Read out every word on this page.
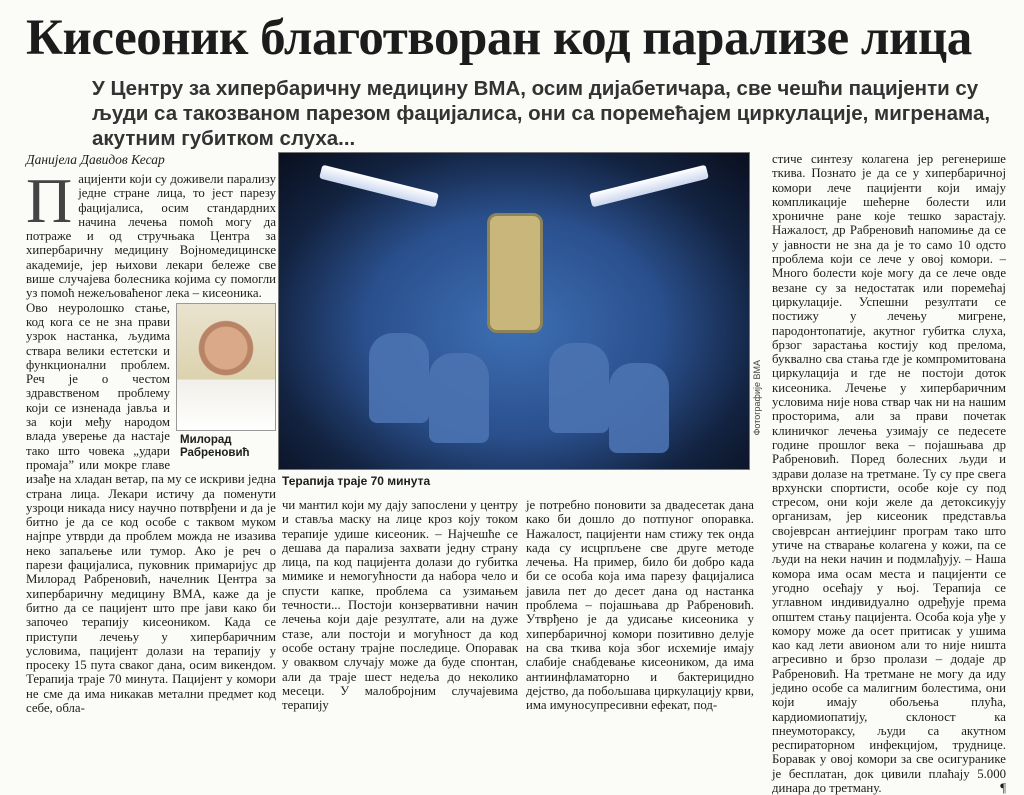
Кисеоник благотворан код парализе лица
У Центру за хипербаричну медицину ВМА, осим дијабетичара, све чешћи пацијенти су људи са такозваном парезом фацијалиса, они са поремећајем циркулације, мигренама, акутним губитком слуха...
Данијела Давидов Кесар
П ацијенти који су доживели парализу једне стране лица, то јест парезу фацијалиса, осим стандардних начина лечења помоћ могу да потраже и од стручњака Центра за хипербаричну медицину Војномедицинске академије, јер њихови лекари бележе све више случајева болесника којима су помогли уз помоћ нежељоваћеног лека – кисеоника.

Милорад Рабреновић

Ово неуролошко стање, код кога се не зна прави узрок настанка, људима ствара велики естетски и функционални проблем. Реч је о честом здравственом проблему који се изненада јавља и за који међу народом влада уверење да настаје тако што човека „удари промаја” или мокре главе изађе на хладан ветар, па му се искриви једна страна лица. Лекари истичу да поменути узроци никада нису научно потврђени и да је битно је да се код особе с таквом муком најпре утврди да проблем можда не изазива неко запаљење или тумор. Ако је реч о парези фацијалиса, пуковник примаријус др Милорад Рабреновић, начелник Центра за хипербаричну медицину ВМА, каже да је битно да се пацијент што пре јави како би започео терапију кисеоником. Када се приступи лечењу у хипербаричним условима, пацијент долази на терапију у просеку 15 пута сваког дана, осим викендом. Терапија траје 70 минута. Пацијент у комори не сме да има никакав метални предмет код себе, обла-

Фотографије ВМА
Терапија траје 70 минута

чи мантил који му дају запослени у центру и ставља маску на лице кроз коју током терапије удише кисеоник. – Најчешће се дешава да парализа захвати једну страну лица, па код пацијента долази до губитка мимике и немогућности да набора чело и спусти капке, проблема са узимањем течности... Постоји конзервативни начин лечења који даје резултате, али на дуже стазе, али постоји и могућност да код особе остану трајне последице. Опоравак у оваквом случају може да буде спонтан, али да траје шест недеља до неколико месеци. У малобројним случајевима терапију

је потребно поновити за двадесетак дана како би дошло до потпуног опоравка. Нажалост, пацијенти нам стижу тек онда када су исцрпљене све друге методе лечења. На пример, било би добро када би се особа која има парезу фацијалиса јавила пет до десет дана од настанка проблема – појашњава др Рабреновић. Утврђено је да удисање кисеоника у хипербаричној комори позитивно делује на сва ткива која због исхемије имају слабије снабдевање кисеоником, да има антиинфламаторно и бактерицидно дејство, да побољшава циркулацију крви, има имуносупресивни ефекат, под-

стиче синтезу колагена јер регенерише ткива. Познато је да се у хипербаричној комори лече пацијенти који имају компликације шећерне болести или хроничне ране које тешко зарастају. Нажалост, др Рабреновић напомиње да се у јавности не зна да је то само 10 одсто проблема који се лече у овој комори. – Много болести које могу да се лече овде везане су за недостатак или поремећај циркулације. Успешни резултати се постижу у лечењу мигрене, пародонтопатије, акутног губитка слуха, брзог зарастања костију код прелома, буквално сва стања где је компромитована циркулација и где не постоји доток кисеоника. Лечење у хипербаричним условима није нова ствар чак ни на нашим просторима, али за прави почетак клиничког лечења узимају се педесете године прошлог века – појашњава др Рабреновић. Поред болесних људи и здрави долазе на третмане. Ту су пре свега врхунски спортисти, особе које су под стресом, они који желе да детоксикују организам, јер кисеоник представља својеврсан антиејџинг програм тако што утиче на стварање колагена у кожи, па се људи на неки начин и подмлађују. – Наша комора има осам места и пацијенти се угодно осећају у њој. Терапија се углавном индивидуално одређује према општем стању пацијента. Особа која уђе у комору може да осет притисак у ушима као кад лети авионом али то није ништа агресивно и брзо пролази – додаје др Рабреновић. На третмане не могу да иду једино особе са малигним болестима, они који имају обољења плућа, кардиомиопатију, склоност ка пнеумотораксу, људи са акутном респираторном инфекцијом, труднице. Боравак у овој комори за све осигуранике је бесплатан, док цивили плаћају 5.000 динара до третману.	¶
